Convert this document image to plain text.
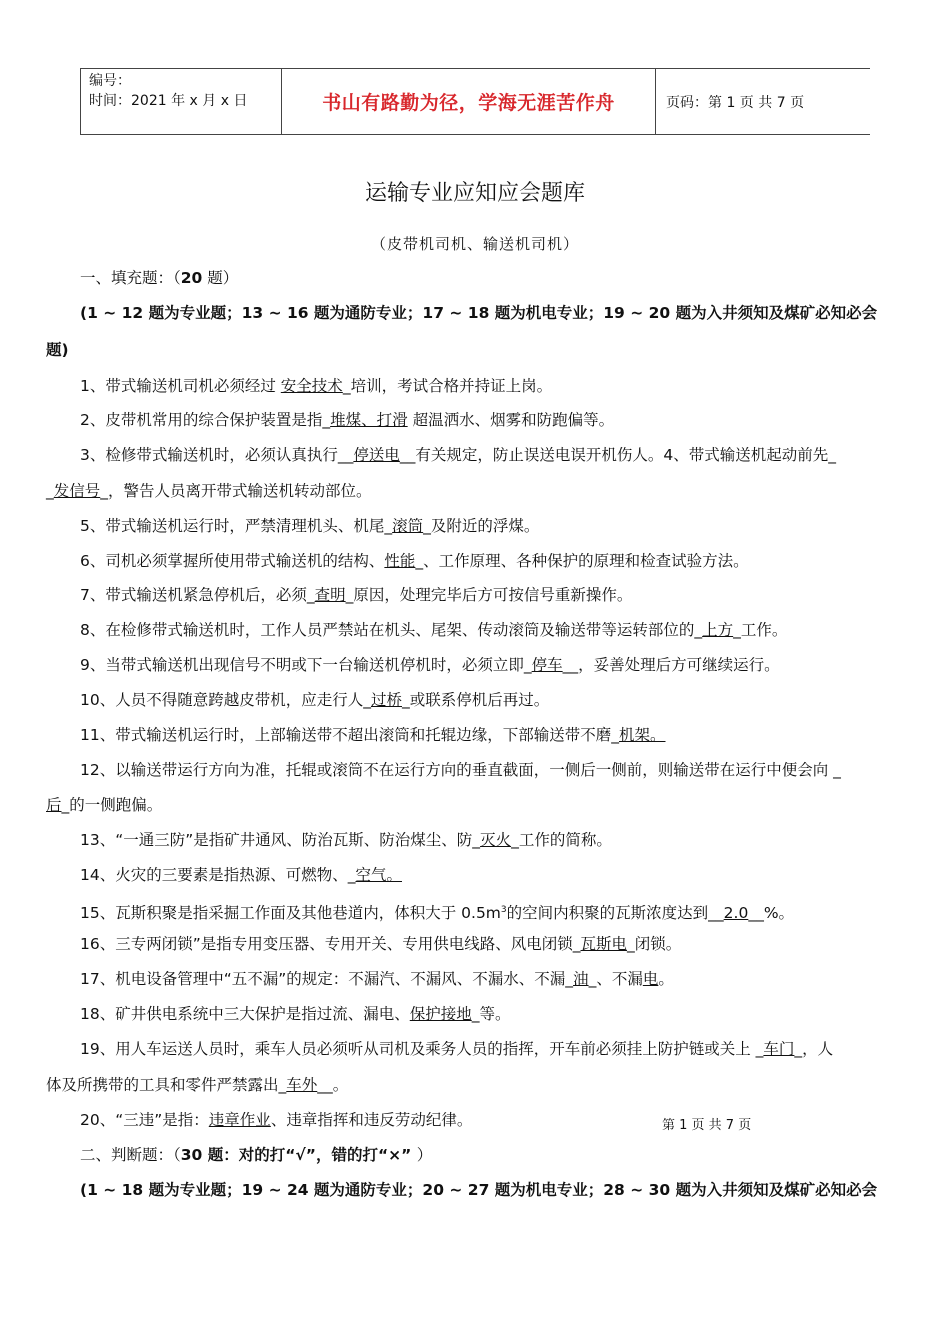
编号：
时间：2021 年 x 月 x 日	书山有路勤为径，学海无涯苦作舟	页码：第 1 页 共 7 页
运输专业应知应会题库
（皮带机司机、输送机司机）
一、填充题：（20 题）
(1 ~ 12 题为专业题；13 ~ 16 题为通防专业；17 ~ 18 题为机电专业；19 ~ 20 题为入井须知及煤矿必知必会
题)
1、带式输送机司机必须经过 安全技术_培训，考试合格并持证上岗。
2、皮带机常用的综合保护装置是指_堆煤、打滑 超温洒水、烟雾和防跑偏等。
3、检修带式输送机时，必须认真执行__停送电__有关规定，防止误送电误开机伤人。4、带式输送机起动前先_
_发信号_，警告人员离开带式输送机转动部位。
5、带式输送机运行时，严禁清理机头、机尾_滚筒_及附近的浮煤。
6、司机必须掌握所使用带式输送机的结构、性能_、工作原理、各种保护的原理和检查试验方法。
7、带式输送机紧急停机后，必须_查明_原因，处理完毕后方可按信号重新操作。
8、在检修带式输送机时，工作人员严禁站在机头、尾架、传动滚筒及输送带等运转部位的_上方_工作。
9、当带式输送机出现信号不明或下一台输送机停机时，必须立即_停车__，妥善处理后方可继续运行。
10、人员不得随意跨越皮带机，应走行人_过桥_或联系停机后再过。
11、带式输送机运行时，上部输送带不超出滚筒和托辊边缘，下部输送带不磨_机架。
12、以输送带运行方向为准，托辊或滚筒不在运行方向的垂直截面，一侧后一侧前，则输送带在运行中便会向 _
后_的一侧跑偏。
13、“一通三防”是指矿井通风、防治瓦斯、防治煤尘、防_灭火_工作的简称。
14、火灾的三要素是指热源、可燃物、_空气。
15、瓦斯积聚是指采掘工作面及其他巷道内，体积大于 $0.5m^3$的空间内积聚的瓦斯浓度达到__2.0__%。
16、三专两闭锁”是指专用变压器、专用开关、专用供电线路、风电闭锁_瓦斯电_闭锁。
17、机电设备管理中“五不漏”的规定：不漏汽、不漏风、不漏水、不漏_油_、不漏电。
18、矿井供电系统中三大保护是指过流、漏电、保护接地_等。
19、用人车运送人员时，乘车人员必须听从司机及乘务人员的指挥，开车前必须挂上防护链或关上 _车门_，人
体及所携带的工具和零件严禁露出_车外__。
20、“三违”是指：违章作业、违章指挥和违反劳动纪律。	第 1 页 共 7 页
二、判断题：（30 题：对的打“√”，错的打“×” ）
(1 ~ 18 题为专业题；19 ~ 24 题为通防专业；20 ~ 27 题为机电专业；28 ~ 30 题为入井须知及煤矿必知必会
